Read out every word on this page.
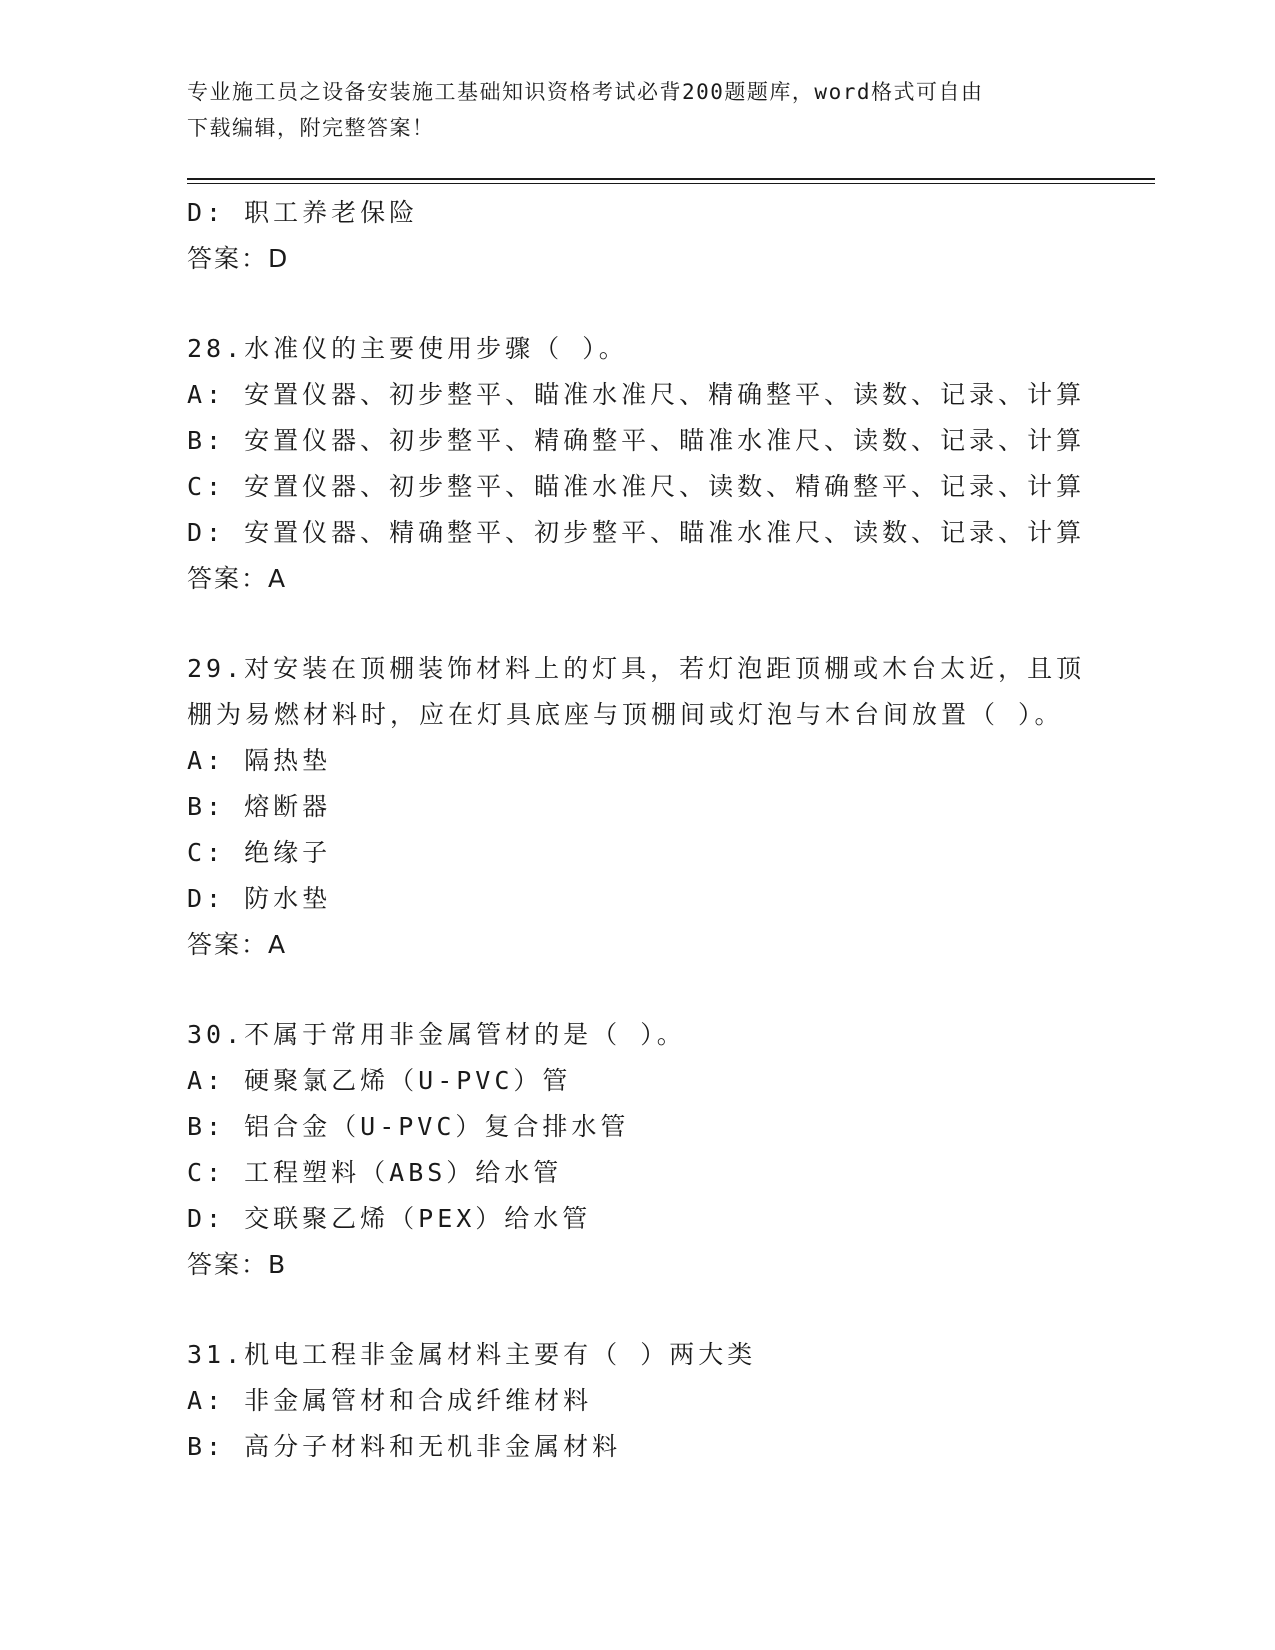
专业施工员之设备安装施工基础知识资格考试必背200题题库，word格式可自由
下载编辑，附完整答案！
D: 职工养老保险
答案：D
28.水准仪的主要使用步骤（ ）。
A: 安置仪器、初步整平、瞄准水准尺、精确整平、读数、记录、计算
B: 安置仪器、初步整平、精确整平、瞄准水准尺、读数、记录、计算
C: 安置仪器、初步整平、瞄准水准尺、读数、精确整平、记录、计算
D: 安置仪器、精确整平、初步整平、瞄准水准尺、读数、记录、计算
答案：A
29.对安装在顶棚装饰材料上的灯具，若灯泡距顶棚或木台太近，且顶
棚为易燃材料时，应在灯具底座与顶棚间或灯泡与木台间放置（ ）。
A: 隔热垫
B: 熔断器
C: 绝缘子
D: 防水垫
答案：A
30.不属于常用非金属管材的是（ ）。
A: 硬聚氯乙烯（U-PVC）管
B: 铝合金（U-PVC）复合排水管
C: 工程塑料（ABS）给水管
D: 交联聚乙烯（PEX）给水管
答案：B
31.机电工程非金属材料主要有（ ）两大类
A: 非金属管材和合成纤维材料
B: 高分子材料和无机非金属材料
